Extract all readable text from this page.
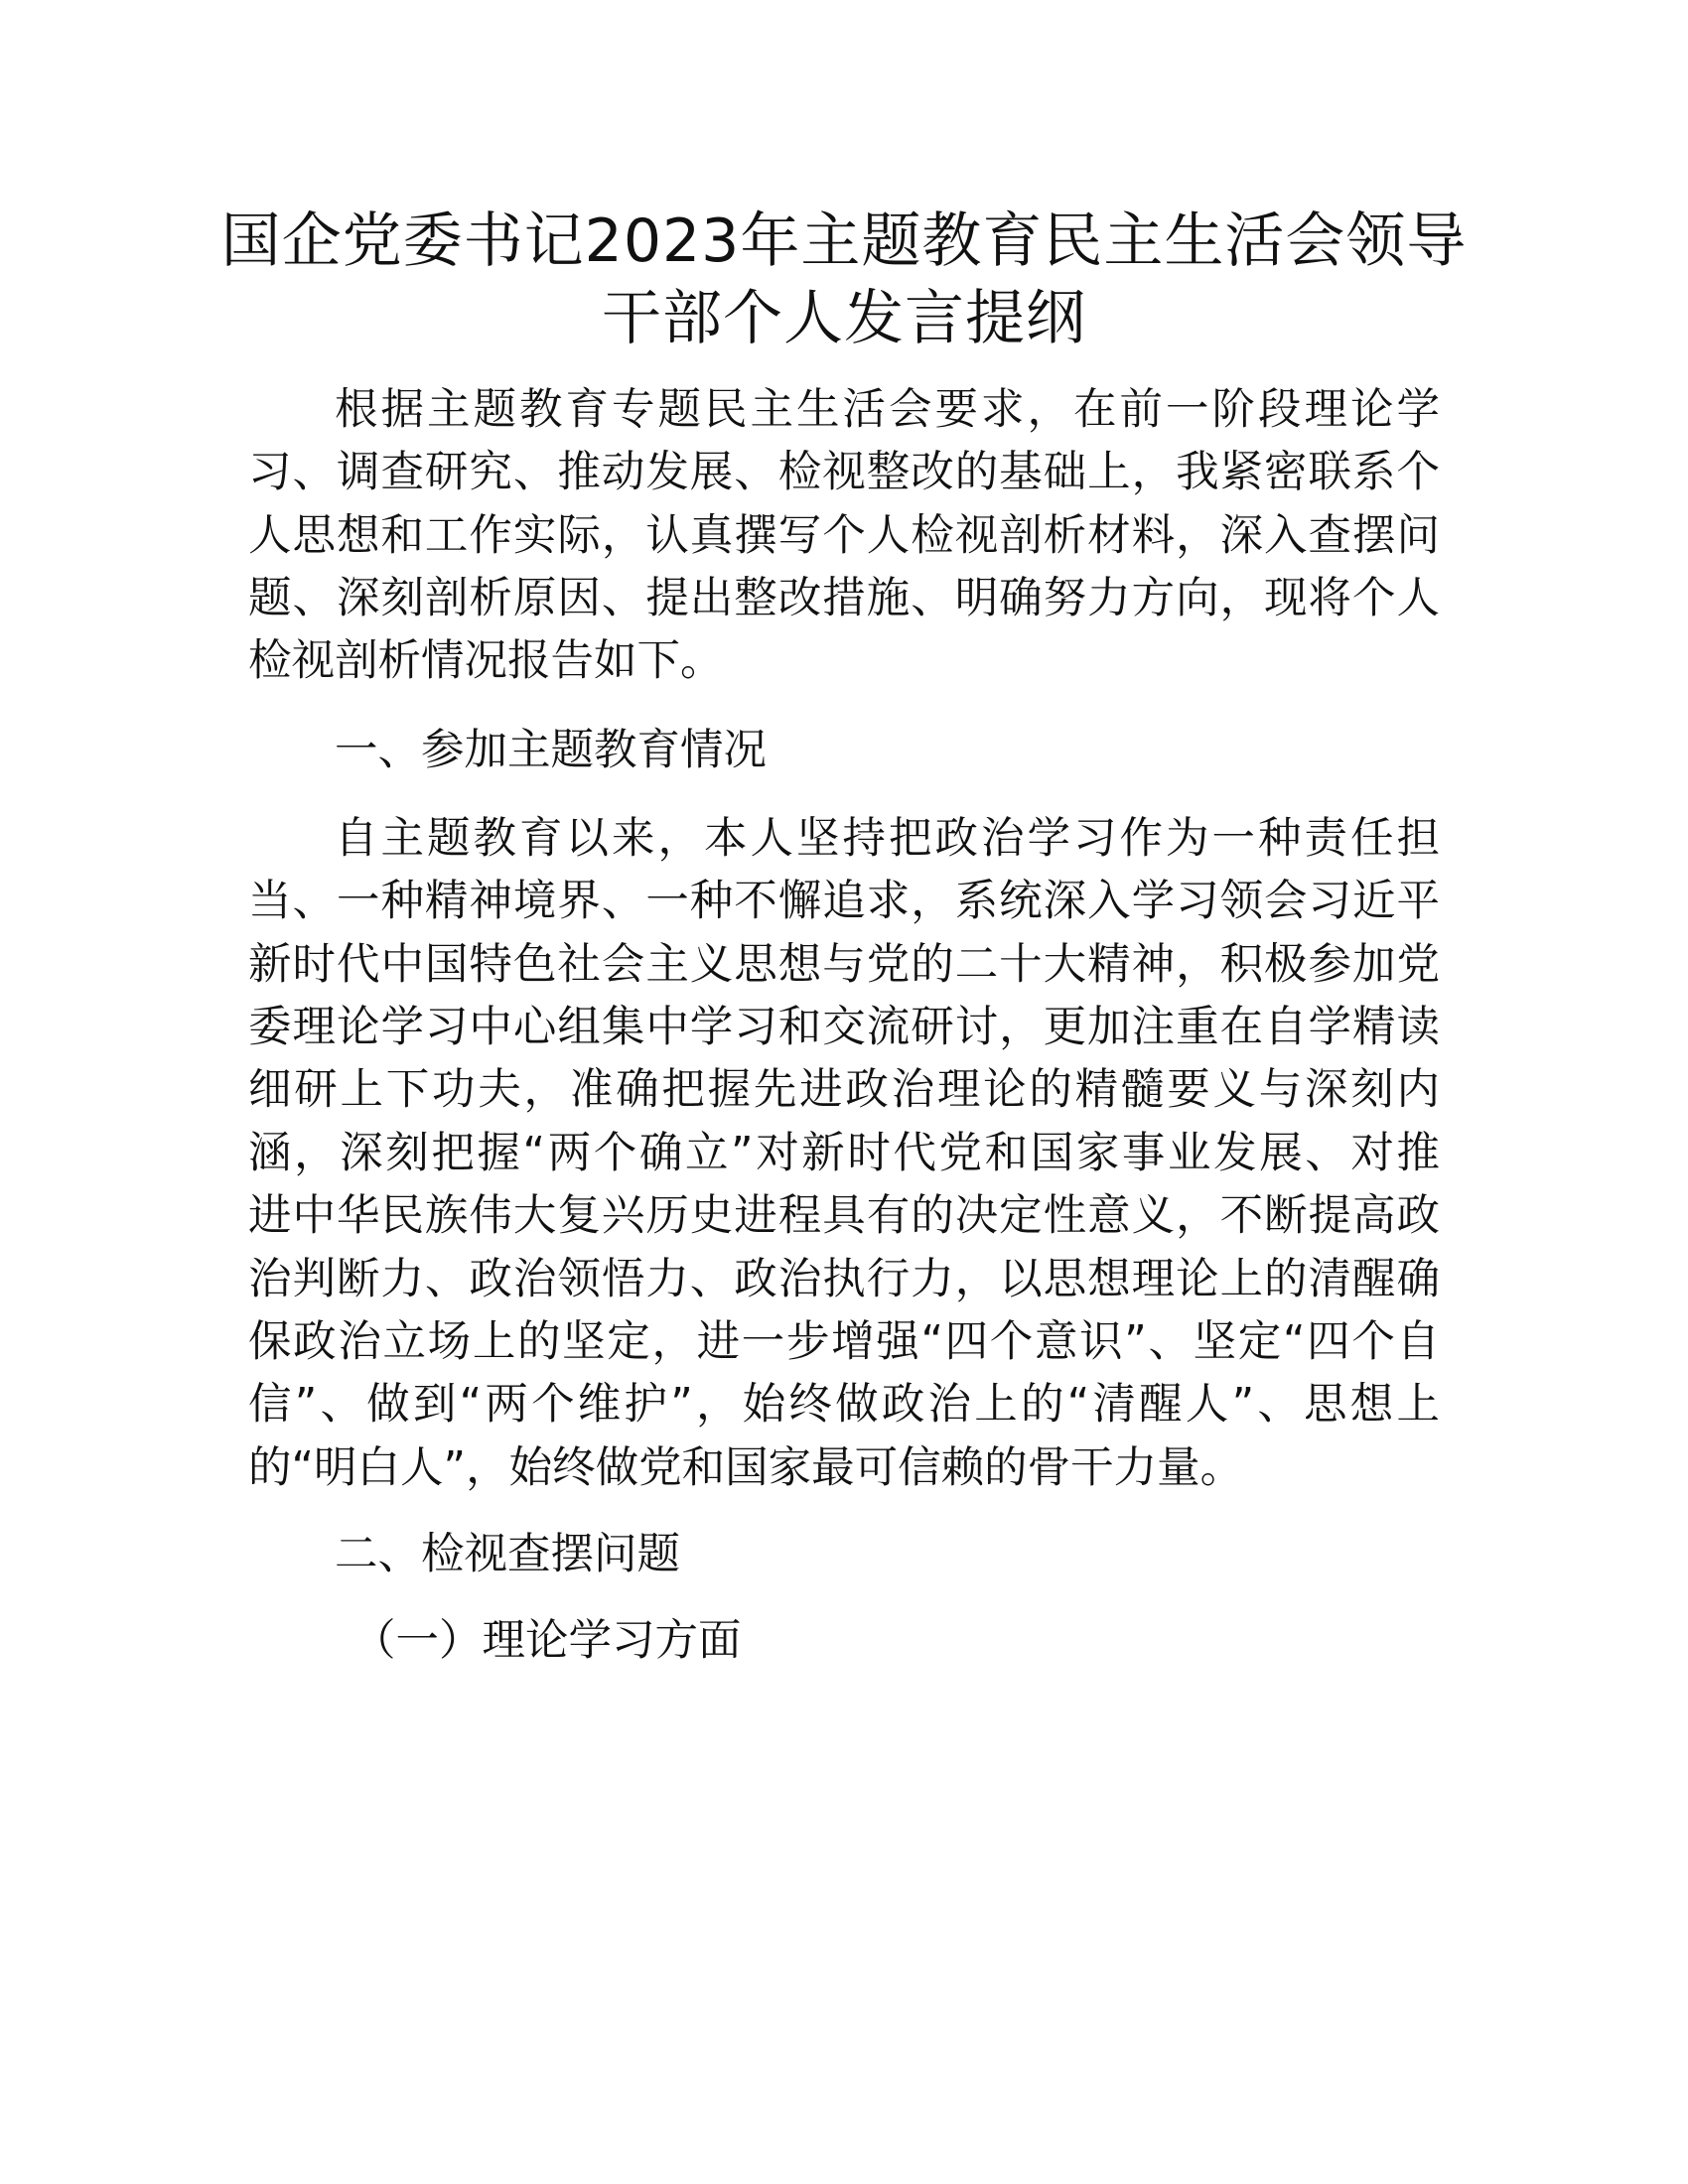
国企党委书记2023年主题教育民主生活会领导
干部个人发言提纲

根据主题教育专题民主生活会要求，在前一阶段理论学

习、调查研究、推动发展、检视整改的基础上，我紧密联系个

人思想和工作实际，认真撰写个人检视剖析材料，深入查摆问

题、深刻剖析原因、提出整改措施、明确努力方向，现将个人

检视剖析情况报告如下。

一、参加主题教育情况

自主题教育以来，本人坚持把政治学习作为一种责任担

当、一种精神境界、一种不懈追求，系统深入学习领会习近平

新时代中国特色社会主义思想与党的二十大精神，积极参加党

委理论学习中心组集中学习和交流研讨，更加注重在自学精读

细研上下功夫，准确把握先进政治理论的精髓要义与深刻内

涵，深刻把握“两个确立”对新时代党和国家事业发展、对推

进中华民族伟大复兴历史进程具有的决定性意义，不断提高政

治判断力、政治领悟力、政治执行力，以思想理论上的清醒确

保政治立场上的坚定，进一步增强“四个意识”、坚定“四个自

信”、做到“两个维护”，始终做政治上的“清醒人”、思想上

的“明白人”，始终做党和国家最可信赖的骨干力量。

二、检视查摆问题
（一）理论学习方面
